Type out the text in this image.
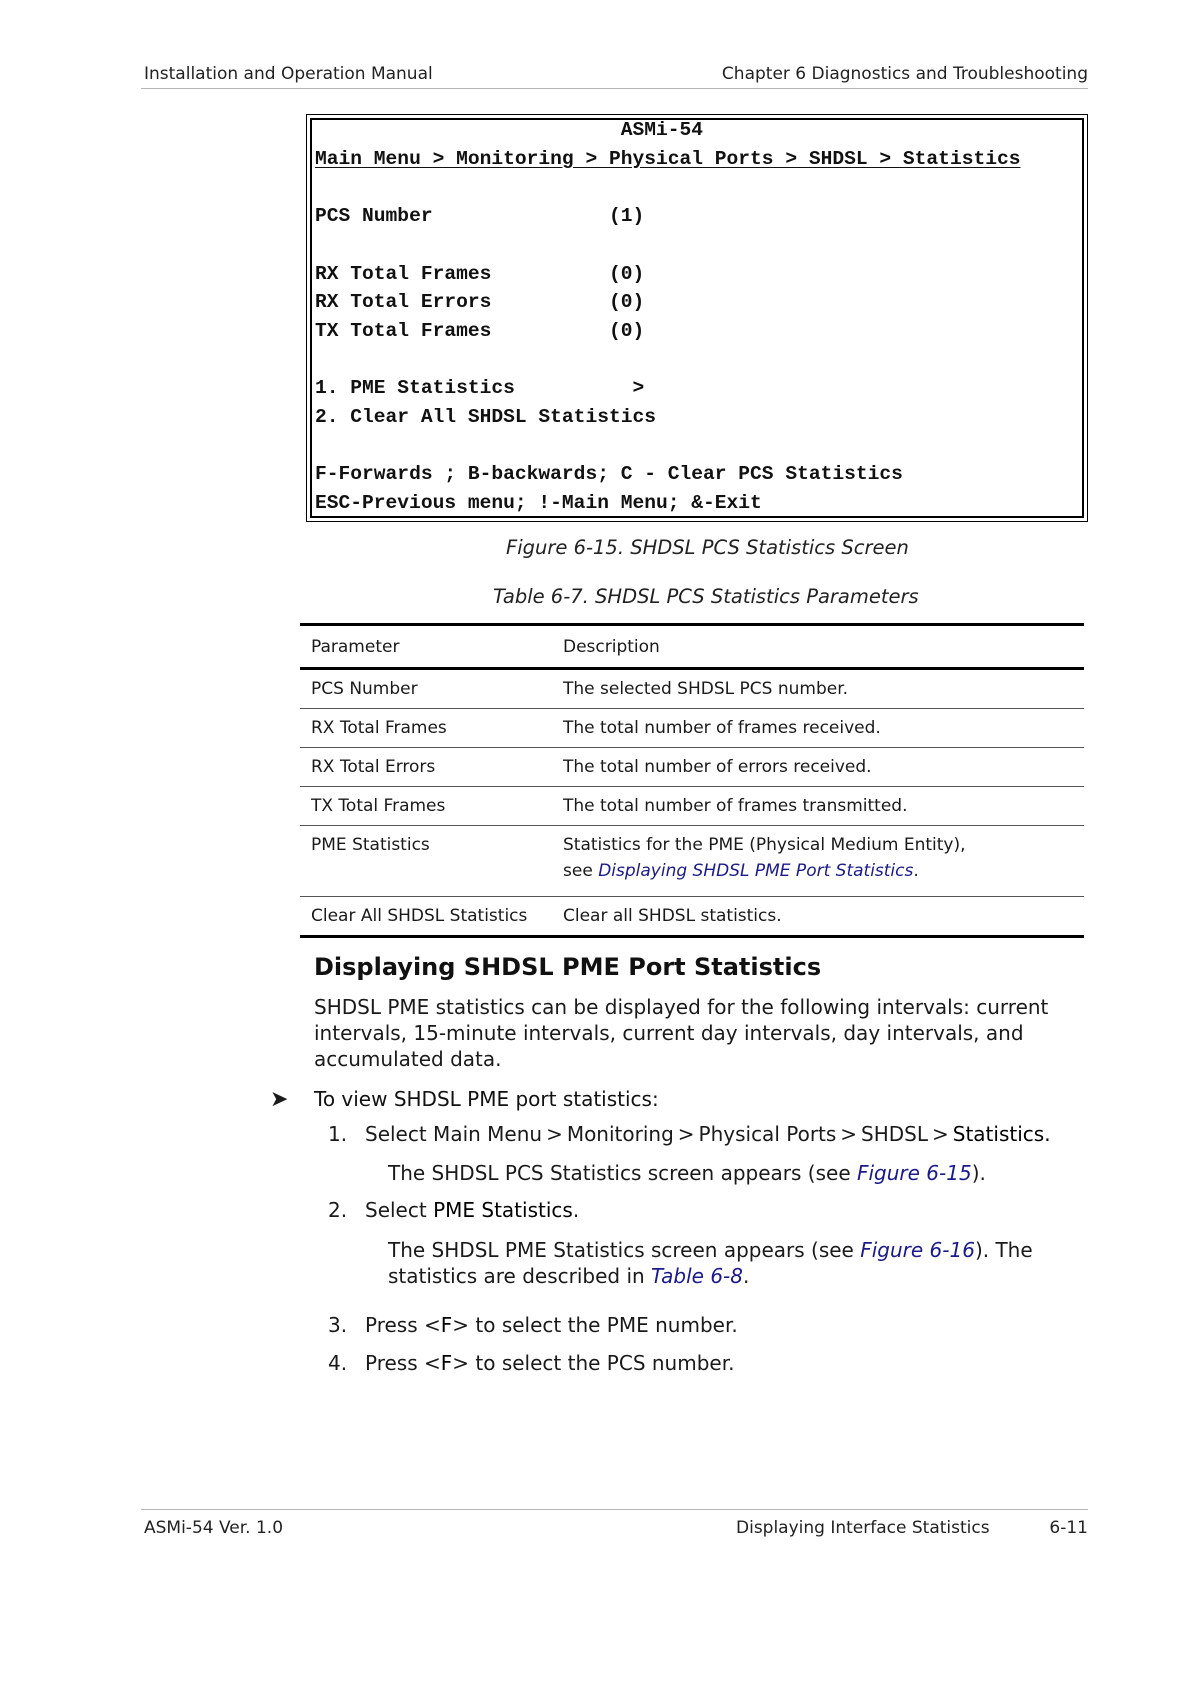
Installation and Operation Manual	Chapter 6 Diagnostics and Troubleshooting
ASMi-54
Main Menu > Monitoring > Physical Ports > SHDSL > Statistics

PCS Number	(1)

RX Total Frames	(0)
RX Total Errors	(0)
TX Total Frames	(0)

1. PME Statistics	>
2. Clear All SHDSL Statistics

F-Forwards ; B-backwards; C - Clear PCS Statistics
ESC-Previous menu; !-Main Menu; &-Exit
Figure 6-15. SHDSL PCS Statistics Screen
Table 6-7. SHDSL PCS Statistics Parameters
Parameter	Description
PCS Number	The selected SHDSL PCS number.
RX Total Frames	The total number of frames received.
RX Total Errors	The total number of errors received.
TX Total Frames	The total number of frames transmitted.
PME Statistics	Statistics for the PME (Physical Medium Entity),
see Displaying SHDSL PME Port Statistics.
Clear All SHDSL Statistics	Clear all SHDSL statistics.
Displaying SHDSL PME Port Statistics
SHDSL PME statistics can be displayed for the following intervals: current intervals, 15-minute intervals, current day intervals, day intervals, and accumulated data.
➤ To view SHDSL PME port statistics:
1. Select Main Menu > Monitoring > Physical Ports > SHDSL > Statistics.
The SHDSL PCS Statistics screen appears (see Figure 6-15).
2. Select PME Statistics.
The SHDSL PME Statistics screen appears (see Figure 6-16). The statistics are described in Table 6-8.
3. Press <F> to select the PME number.
4. Press <F> to select the PCS number.
ASMi-54 Ver. 1.0	Displaying Interface Statistics	6-11
